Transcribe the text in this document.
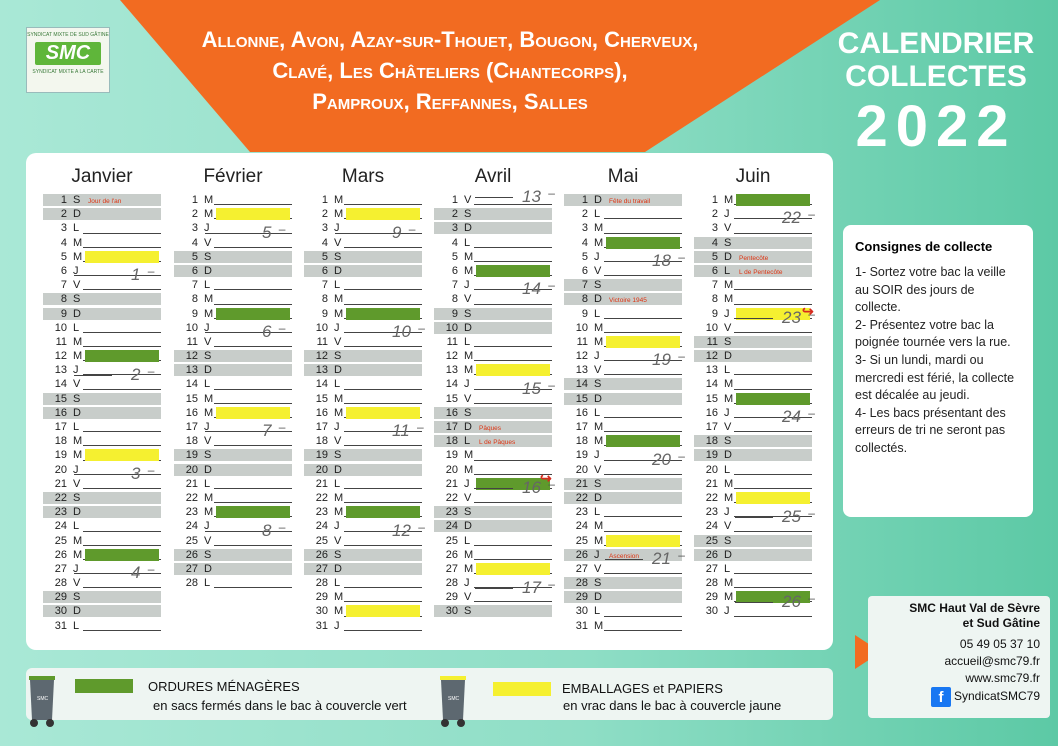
SYNDICAT MIXTE DE SUD GÂTINE
SMC
SYNDICAT MIXTE A LA CARTE
Allonne, Avon, Azay-sur-Thouet, Bougon, Cherveux,
Clavé, Les Châteliers (Chantecorps),
Pamproux, Reffannes, Salles
CALENDRIER
COLLECTES
2022
Janvier
1 S	Jour de l'an
2 D
3 L
4 M
5 M
6 J
7 V
8 S
9 D
10 L
11 M
12 M
13 J
14 V
15 S
16 D
17 L
18 M
19 M
20 J
21 V
22 S
23 D
24 L
25 M
26 M
27 J
28 V
29 S
30 D
31 L
Février
1 M
2 M
3 J
4 V
5 S
6 D
7 L
8 M
9 M
10 J
11 V
12 S
13 D
14 L
15 M
16 M
17 J
18 V
19 S
20 D
21 L
22 M
23 M
24 J
25 V
26 S
27 D
28 L
Mars
1 M
2 M
3 J
4 V
5 S
6 D
7 L
8 M
9 M
10 J
11 V
12 S
13 D
14 L
15 M
16 M
17 J
18 V
19 S
20 D
21 L
22 M
23 M
24 J
25 V
26 S
27 D
28 L
29 M
30 M
31 J
Avril
1 V
2 S
3 D
4 L
5 M
6 M
7 J
8 V
9 S
10 D
11 L
12 M
13 M
14 J
15 V
16 S
17 D	Pâques
18 L	L de Pâques
19 M
20 M
21 J
22 V
23 S
24 D
25 L
26 M
27 M
28 J
29 V
30 S
Mai
1 D	Fête du travail
2 L
3 M
4 M
5 J
6 V
7 S
8 D	Victoire 1945
9 L
10 M
11 M
12 J
13 V
14 S
15 D
16 L
17 M
18 M
19 J
20 V
21 S
22 D
23 L
24 M
25 M
26 J	Ascension
27 V
28 S
29 D
30 L
31 M
Juin
1 M
2 J
3 V
4 S
5 D	Pentecôte
6 L	L de Pentecôte
7 M
8 M
9 J
10 V
11 S
12 D
13 L
14 M
15 M
16 J
17 V
18 S
19 D
20 L
21 M
22 M
23 J
24 V
25 S
26 D
27 L
28 M
29 M
30 J
1 –
2 –
3 –
4 –
5 –
6 –
7 –
8 –
9 –
10 –
11 –
12 –
13 –
14 –
15 –
16 –
17 –
18 –
19 –
20 –
21 –
22 –
23 –
24 –
25 –
26 –
Consignes de collecte
1- Sortez votre bac la veille au SOIR des jours de collecte.
2- Présentez votre bac la poignée tournée vers la rue.
3- Si un lundi, mardi ou mercredi est férié, la collecte est décalée au jeudi.
4- Les bacs présentant des erreurs de tri ne seront pas collectés.
SMC Haut Val de Sèvre
et Sud Gâtine
05 49 05 37 10
accueil@smc79.fr
www.smc79.fr
f SyndicatSMC79
ORDURES MÉNAGÈRES
en sacs fermés dans le bac à couvercle vert
EMBALLAGES et PAPIERS
en vrac dans le bac à couvercle jaune
SMC	SMC
↪
↪
